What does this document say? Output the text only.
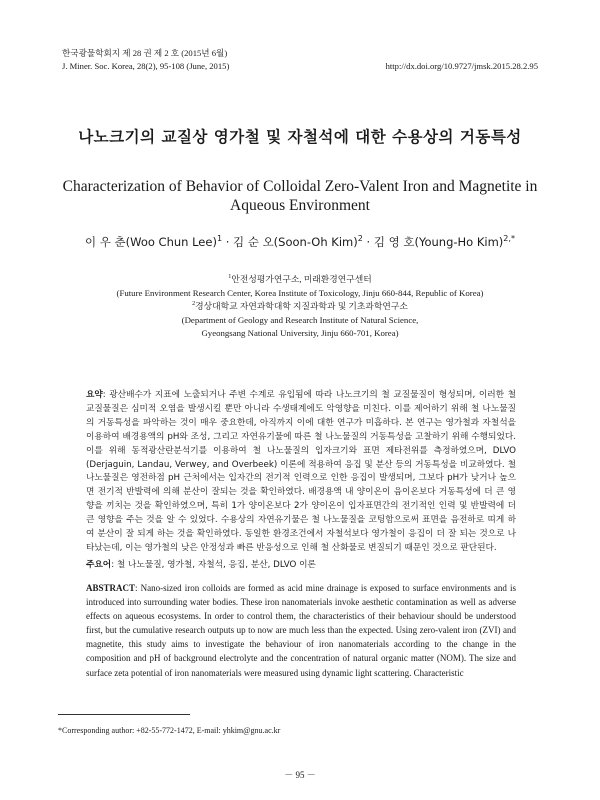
한국광물학회지 제 28 권 제 2 호 (2015년 6월)
J. Miner. Soc. Korea, 28(2), 95-108 (June, 2015)	http://dx.doi.org/10.9727/jmsk.2015.28.2.95
나노크기의 교질상 영가철 및 자철석에 대한 수용상의 거동특성
Characterization of Behavior of Colloidal Zero-Valent Iron and Magnetite in Aqueous Environment
이 우 춘(Woo Chun Lee)$^1$ · 김 순 오(Soon-Oh Kim)$^2$ · 김 영 호(Young-Ho Kim)$^{2,*}$
$^1$안전성평가연구소, 미래환경연구센터
(Future Environment Research Center, Korea Institute of Toxicology, Jinju 660-844, Republic of Korea)
$^2$경상대학교 자연과학대학 지질과학과 및 기초과학연구소
(Department of Geology and Research Institute of Natural Science,
Gyeongsang National University, Jinju 660-701, Korea)

요약: 광산배수가 지표에 노출되거나 주변 수계로 유입됨에 따라 나노크기의 철 교질물질이 형성되며, 이러한 철 교질물질은 심미적 오염을 발생시킬 뿐만 아니라 수생태계에도 악영향을 미친다. 이를 제어하기 위해 철 나노물질의 거동특성을 파악하는 것이 매우 중요한데, 아직까지 이에 대한 연구가 미흡하다. 본 연구는 영가철과 자철석을 이용하여 배경용액의 pH와 조성, 그리고 자연유기물에 따른 철 나노물질의 거동특성을 고찰하기 위해 수행되었다. 이를 위해 동적광산란분석기를 이용하여 철 나노물질의 입자크기와 표면 제타전위를 측정하였으며, DLVO (Derjaguin, Landau, Verwey, and Overbeek) 이론에 적용하여 응집 및 분산 등의 거동특성을 비교하였다. 철 나노물질은 영전하점 pH 근처에서는 입자간의 전기적 인력으로 인한 응집이 발생되며, 그보다 pH가 낮거나 높으면 전기적 반발력에 의해 분산이 잘되는 것을 확인하였다. 배경용액 내 양이온이 음이온보다 거동특성에 더 큰 영향을 끼치는 것을 확인하였으며, 특히 1가 양이온보다 2가 양이온이 입자표면간의 전기적인 인력 및 반발력에 더 큰 영향을 주는 것을 알 수 있었다. 수용상의 자연유기물은 철 나노물질을 코팅함으로써 표면을 음전하로 띠게 하여 분산이 잘 되게 하는 것을 확인하였다. 동일한 환경조건에서 자철석보다 영가철이 응집이 더 잘 되는 것으로 나타났는데, 이는 영가철의 낮은 안정성과 빠른 반응성으로 인해 철 산화물로 변질되기 때문인 것으로 판단된다.

주요어: 철 나노물질, 영가철, 자철석, 응집, 분산, DLVO 이론

ABSTRACT: Nano-sized iron colloids are formed as acid mine drainage is exposed to surface environments and is introduced into surrounding water bodies. These iron nanomaterials invoke aesthetic contamination as well as adverse effects on aqueous ecosystems. In order to control them, the characteristics of their behaviour should be understood first, but the cumulative research outputs up to now are much less than the expected. Using zero-valent iron (ZVI) and magnetite, this study aims to investigate the behaviour of iron nanomaterials according to the change in the composition and pH of background electrolyte and the concentration of natural organic matter (NOM). The size and surface zeta potential of iron nanomaterials were measured using dynamic light scattering. Characteristic

*Corresponding author: +82-55-772-1472, E-mail: yhkim@gnu.ac.kr
－ 95 －
